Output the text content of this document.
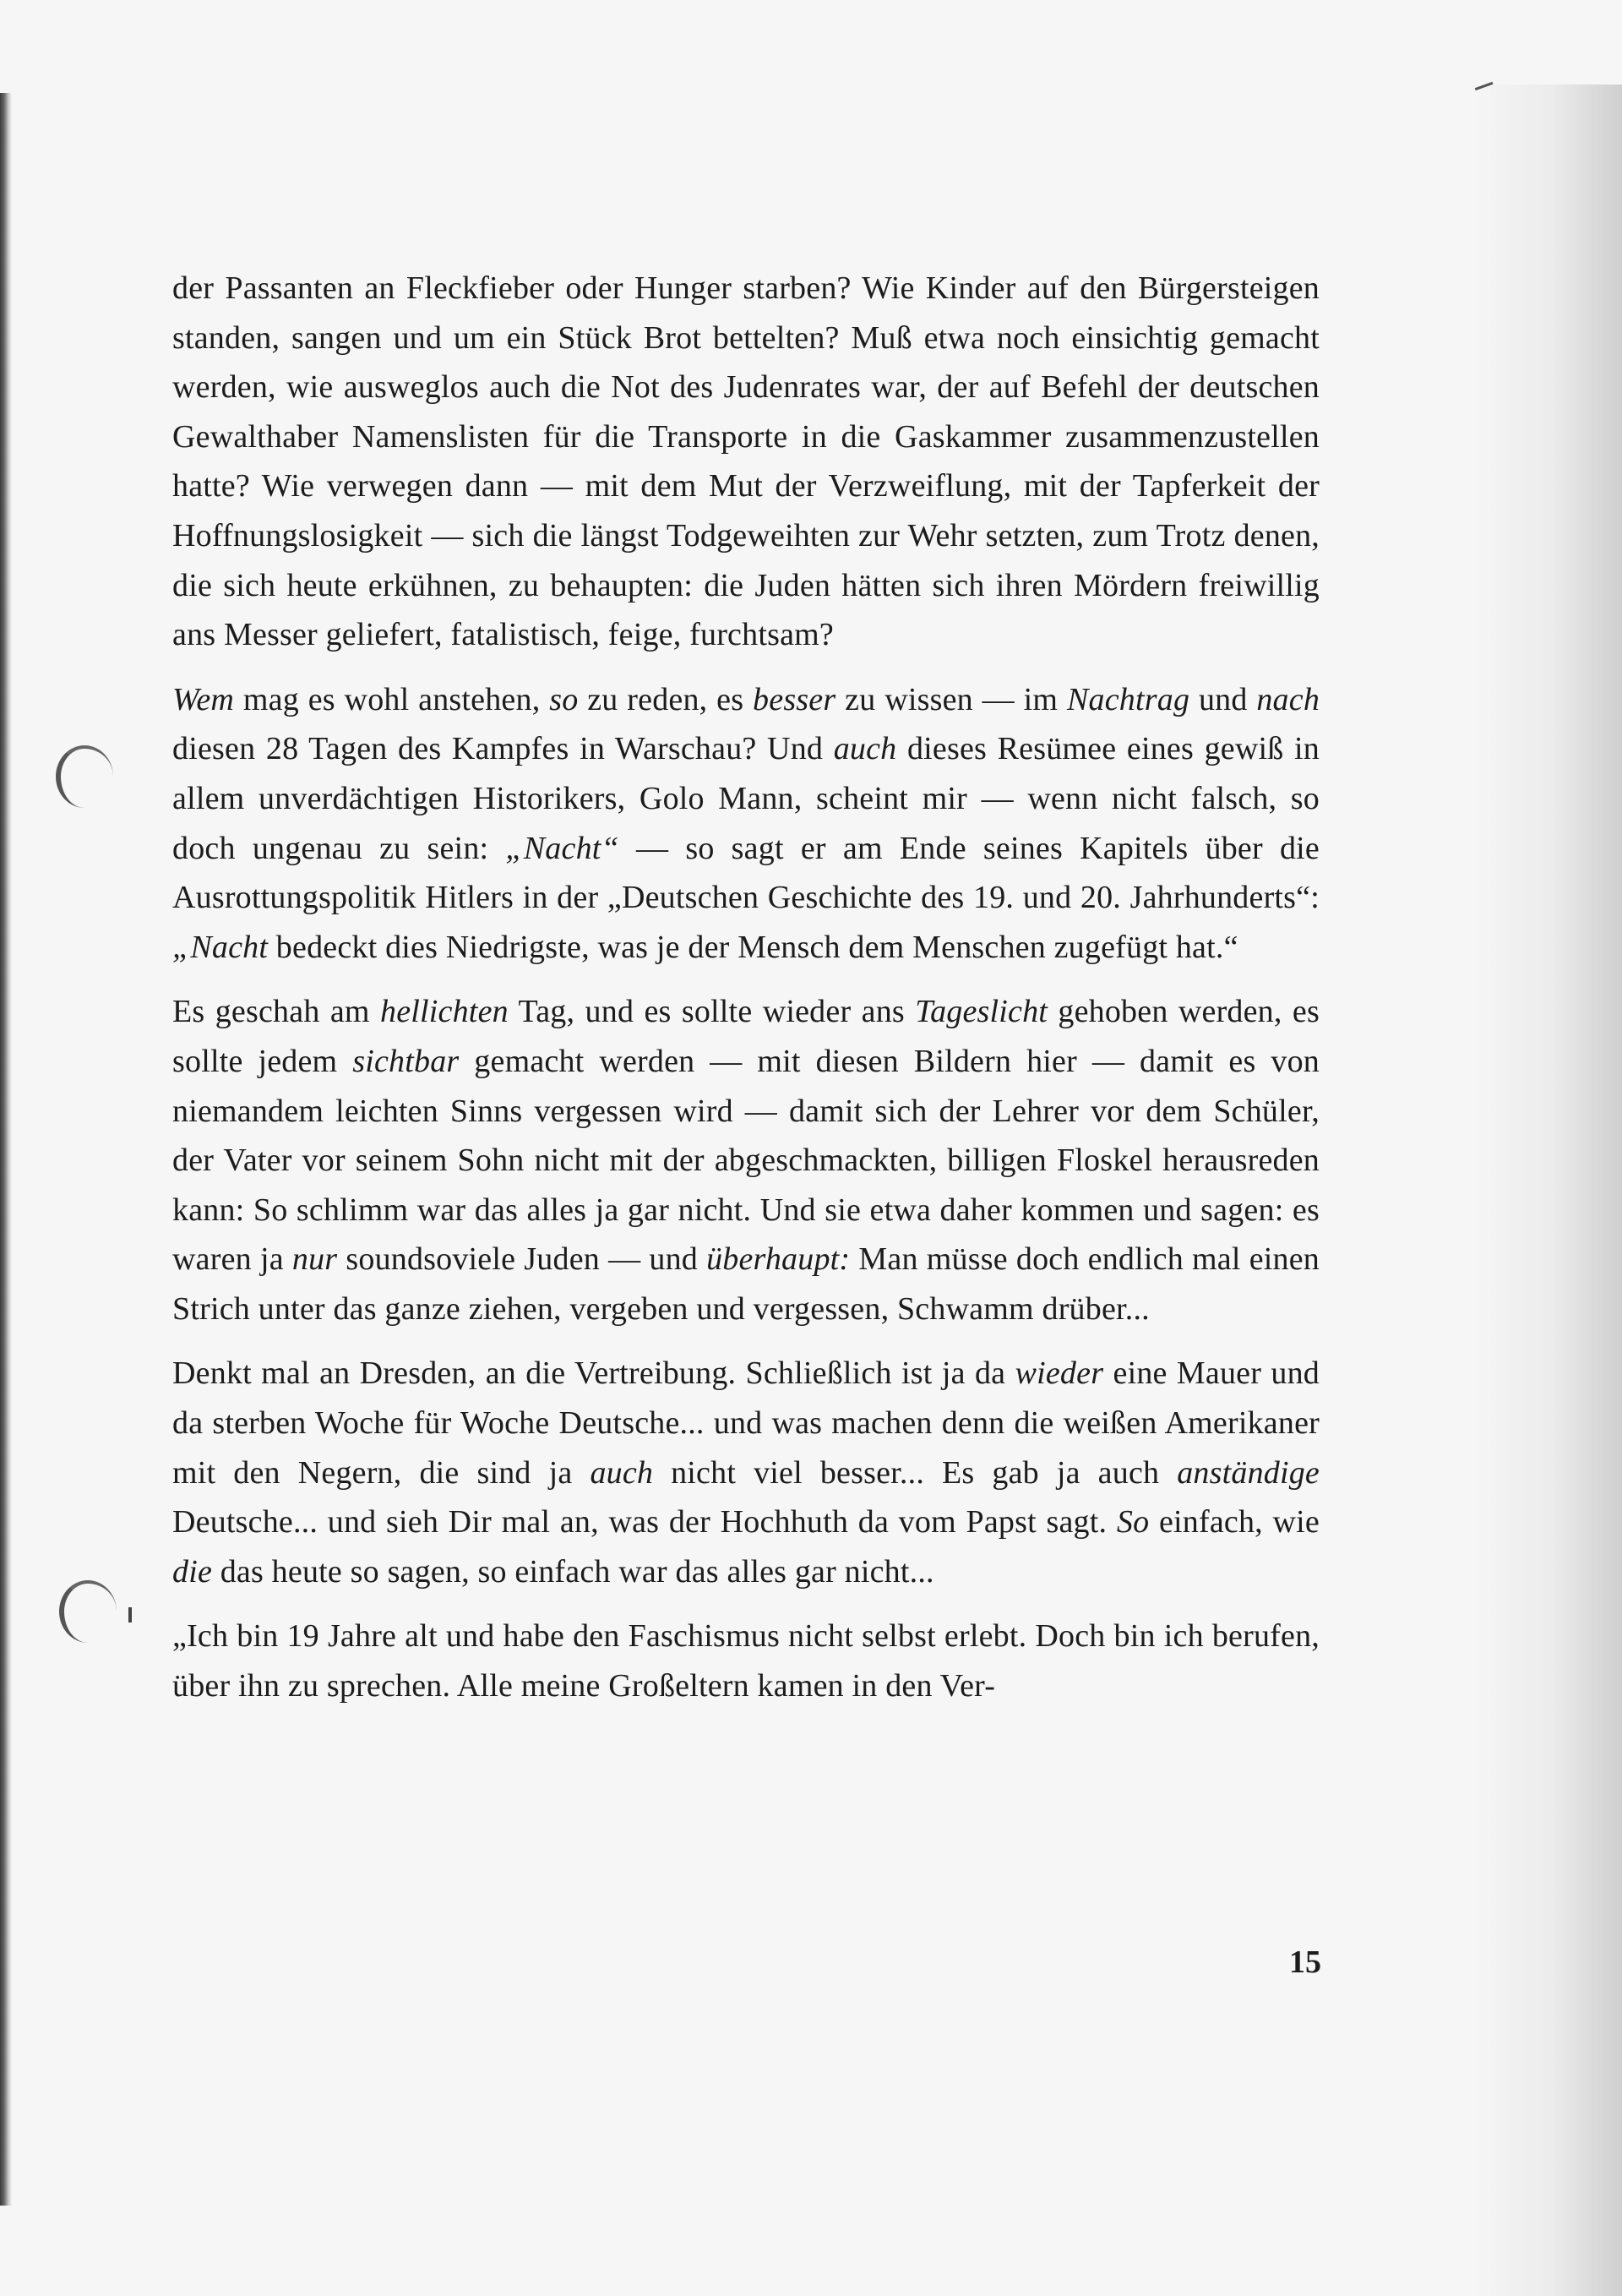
der Passanten an Fleckfieber oder Hunger starben? Wie Kinder auf den Bürgersteigen standen, sangen und um ein Stück Brot bettelten? Muß etwa noch einsichtig gemacht werden, wie ausweglos auch die Not des Judenrates war, der auf Befehl der deutschen Gewalthaber Namenslisten für die Transporte in die Gaskammer zusammenzustellen hatte? Wie verwegen dann — mit dem Mut der Verzweiflung, mit der Tapferkeit der Hoffnungslosigkeit — sich die längst Todgeweihten zur Wehr setzten, zum Trotz denen, die sich heute erkühnen, zu behaupten: die Juden hätten sich ihren Mördern freiwillig ans Messer geliefert, fatalistisch, feige, furchtsam?

Wem mag es wohl anstehen, so zu reden, es besser zu wissen — im Nachtrag und nach diesen 28 Tagen des Kampfes in Warschau? Und auch dieses Resümee eines gewiß in allem unverdächtigen Historikers, Golo Mann, scheint mir — wenn nicht falsch, so doch ungenau zu sein: „Nacht“ — so sagt er am Ende seines Kapitels über die Ausrottungspolitik Hitlers in der „Deutschen Geschichte des 19. und 20. Jahrhunderts“: „Nacht bedeckt dies Niedrigste, was je der Mensch dem Menschen zugefügt hat.“

Es geschah am hellichten Tag, und es sollte wieder ans Tageslicht gehoben werden, es sollte jedem sichtbar gemacht werden — mit diesen Bildern hier — damit es von niemandem leichten Sinns vergessen wird — damit sich der Lehrer vor dem Schüler, der Vater vor seinem Sohn nicht mit der abgeschmackten, billigen Floskel herausreden kann: So schlimm war das alles ja gar nicht. Und sie etwa daher kommen und sagen: es waren ja nur soundsoviele Juden — und überhaupt: Man müsse doch endlich mal einen Strich unter das ganze ziehen, vergeben und vergessen, Schwamm drüber...

Denkt mal an Dresden, an die Vertreibung. Schließlich ist ja da wieder eine Mauer und da sterben Woche für Woche Deutsche... und was machen denn die weißen Amerikaner mit den Negern, die sind ja auch nicht viel besser... Es gab ja auch anständige Deutsche... und sieh Dir mal an, was der Hochhuth da vom Papst sagt. So einfach, wie die das heute so sagen, so einfach war das alles gar nicht...

„Ich bin 19 Jahre alt und habe den Faschismus nicht selbst erlebt. Doch bin ich berufen, über ihn zu sprechen. Alle meine Großeltern kamen in den Ver-

15
